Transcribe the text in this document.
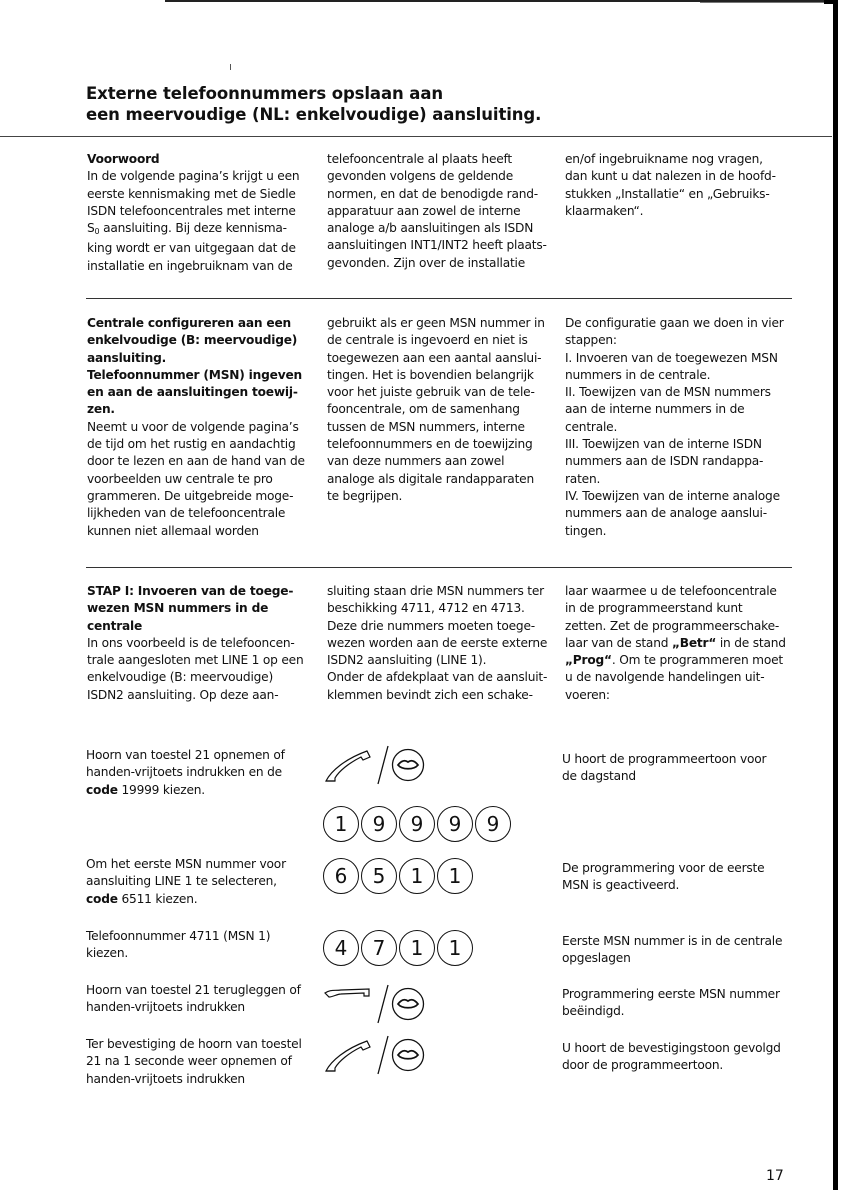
Externe telefoonnummers opslaan aan
een meervoudige (NL: enkelvoudige) aansluiting.
Voorwoord
In de volgende pagina’s krijgt u een
eerste kennismaking met de Siedle
ISDN telefooncentrales met interne
$S_0$ aansluiting. Bij deze kennisma-
king wordt er van uitgegaan dat de
installatie en ingebruiknam van de
telefooncentrale al plaats heeft
gevonden volgens de geldende
normen, en dat de benodigde rand-
apparatuur aan zowel de interne
analoge a/b aansluitingen als ISDN
aansluitingen INT1/INT2 heeft plaats-
gevonden. Zijn over de installatie
en/of ingebruikname nog vragen,
dan kunt u dat nalezen in de hoofd-
stukken „Installatie“ en „Gebruiks-
klaarmaken“.
Centrale configureren aan een
enkelvoudige (B: meervoudige)
aansluiting.
Telefoonnummer (MSN) ingeven
en aan de aansluitingen toewij-
zen.
Neemt u voor de volgende pagina’s
de tijd om het rustig en aandachtig
door te lezen en aan de hand van de
voorbeelden uw centrale te pro
grammeren. De uitgebreide moge-
lijkheden van de telefooncentrale
kunnen niet allemaal worden
gebruikt als er geen MSN nummer in
de centrale is ingevoerd en niet is
toegewezen aan een aantal aanslui-
tingen. Het is bovendien belangrijk
voor het juiste gebruik van de tele-
fooncentrale, om de samenhang
tussen de MSN nummers, interne
telefoonnummers en de toewijzing
van deze nummers aan zowel
analoge als digitale randapparaten
te begrijpen.
De configuratie gaan we doen in vier
stappen:
I. Invoeren van de toegewezen MSN
nummers in de centrale.
II. Toewijzen van de MSN nummers
aan de interne nummers in de
centrale.
III. Toewijzen van de interne ISDN
nummers aan de ISDN randappa-
raten.
IV. Toewijzen van de interne analoge
nummers aan de analoge aanslui-
tingen.
STAP I: Invoeren van de toege-
wezen MSN nummers in de
centrale
In ons voorbeeld is de telefooncen-
trale aangesloten met LINE 1 op een
enkelvoudige (B: meervoudige)
ISDN2 aansluiting. Op deze aan-
sluiting staan drie MSN nummers ter
beschikking 4711, 4712 en 4713.
Deze drie nummers moeten toege-
wezen worden aan de eerste externe
ISDN2 aansluiting (LINE 1).
Onder de afdekplaat van de aansluit-
klemmen bevindt zich een schake-
laar waarmee u de telefooncentrale
in de programmeerstand kunt
zetten. Zet de programmeerschake-
laar van de stand „Betr“ in de stand
„Prog“. Om te programmeren moet
u de navolgende handelingen uit-
voeren:
Hoorn van toestel 21 opnemen of
handen-vrijtoets indrukken en de
code 19999 kiezen.
1	9	9	9	9
U hoort de programmeertoon voor
de dagstand
Om het eerste MSN nummer voor
aansluiting LINE 1 te selecteren,
code 6511 kiezen.
6	5	1	1	De programmering voor de eerste
MSN is geactiveerd.
Telefoonnummer 4711 (MSN 1)
kiezen.	4	7	1	1	Eerste MSN nummer is in de centrale
opgeslagen
Hoorn van toestel 21 terugleggen of
handen-vrijtoets indrukken
Programmering eerste MSN nummer
beëindigd.
Ter bevestiging de hoorn van toestel
21 na 1 seconde weer opnemen of
handen-vrijtoets indrukken
U hoort de bevestigingstoon gevolgd
door de programmeertoon.
17
